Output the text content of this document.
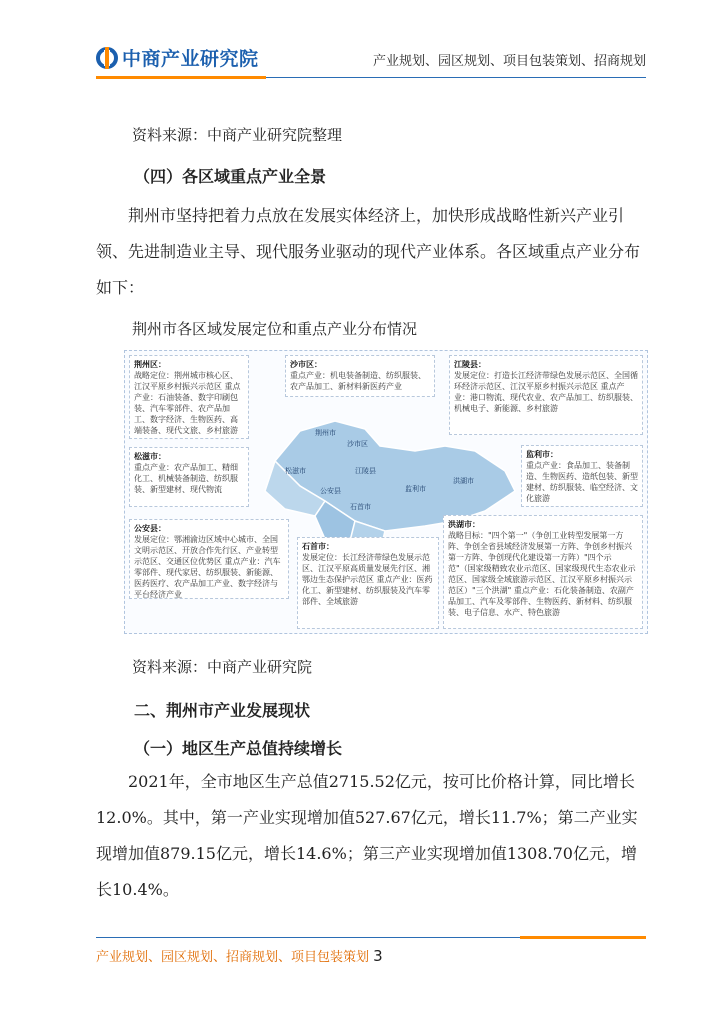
中商产业研究院	产业规划、园区规划、项目包装策划、招商规划
资料来源：中商产业研究院整理
（四）各区域重点产业全景
荆州市坚持把着力点放在发展实体经济上，加快形成战略性新兴产业引领、先进制造业主导、现代服务业驱动的现代产业体系。各区域重点产业分布如下：
荆州市各区域发展定位和重点产业分布情况
荆州市
沙市区
松滋市
公安县
江陵县
石首市
监利市
洪湖市
荆州区：
战略定位：荆州城市核心区、江汉平原乡村振兴示范区 重点产业：石油装备、数字印刷包装、汽车零部件、农产品加工、数字经济、生物医药、高端装备、现代文旅、乡村旅游
沙市区：
重点产业：机电装备制造、纺织服装、农产品加工、新材料新医药产业
江陵县：
发展定位：打造长江经济带绿色发展示范区、全国循环经济示范区、江汉平原乡村振兴示范区 重点产业：港口物流、现代农业、农产品加工、纺织服装、机械电子、新能源、乡村旅游
松滋市：
重点产业：农产品加工、精细化工、机械装备制造、纺织服装、新型建材、现代物流
监利市：
重点产业：食品加工、装备制造、生物医药、造纸包装、新型建材、纺织服装、临空经济、文化旅游
公安县：
发展定位：鄂湘渝边区域中心城市、全国文明示范区、开放合作先行区、产业转型示范区、交通区位优势区 重点产业：汽车零部件、现代家居、纺织服装、新能源、医药医疗、农产品加工产业、数字经济与平台经济产业
石首市：
发展定位：长江经济带绿色发展示范区、江汉平原高质量发展先行区、湘鄂边生态保护示范区 重点产业：医药化工、新型建材、纺织服装及汽车零部件、全域旅游
洪湖市：
战略目标："四个第一"（争创工业转型发展第一方阵、争创全省县域经济发展第一方阵、争创乡村振兴第一方阵、争创现代化建设第一方阵）"四个示范"（国家级精致农业示范区、国家级现代生态农业示范区、国家级全域旅游示范区、江汉平原乡村振兴示范区）"三个洪湖" 重点产业：石化装备制造、农副产品加工、汽车及零部件、生物医药、新材料、纺织服装、电子信息、水产、特色旅游
资料来源：中商产业研究院
二、荆州市产业发展现状
（一）地区生产总值持续增长
2021年，全市地区生产总值2715.52亿元，按可比价格计算，同比增长12.0%。其中，第一产业实现增加值527.67亿元，增长11.7%；第二产业实现增加值879.15亿元，增长14.6%；第三产业实现增加值1308.70亿元，增长10.4%。
产业规划、园区规划、招商规划、项目包装策划 3
